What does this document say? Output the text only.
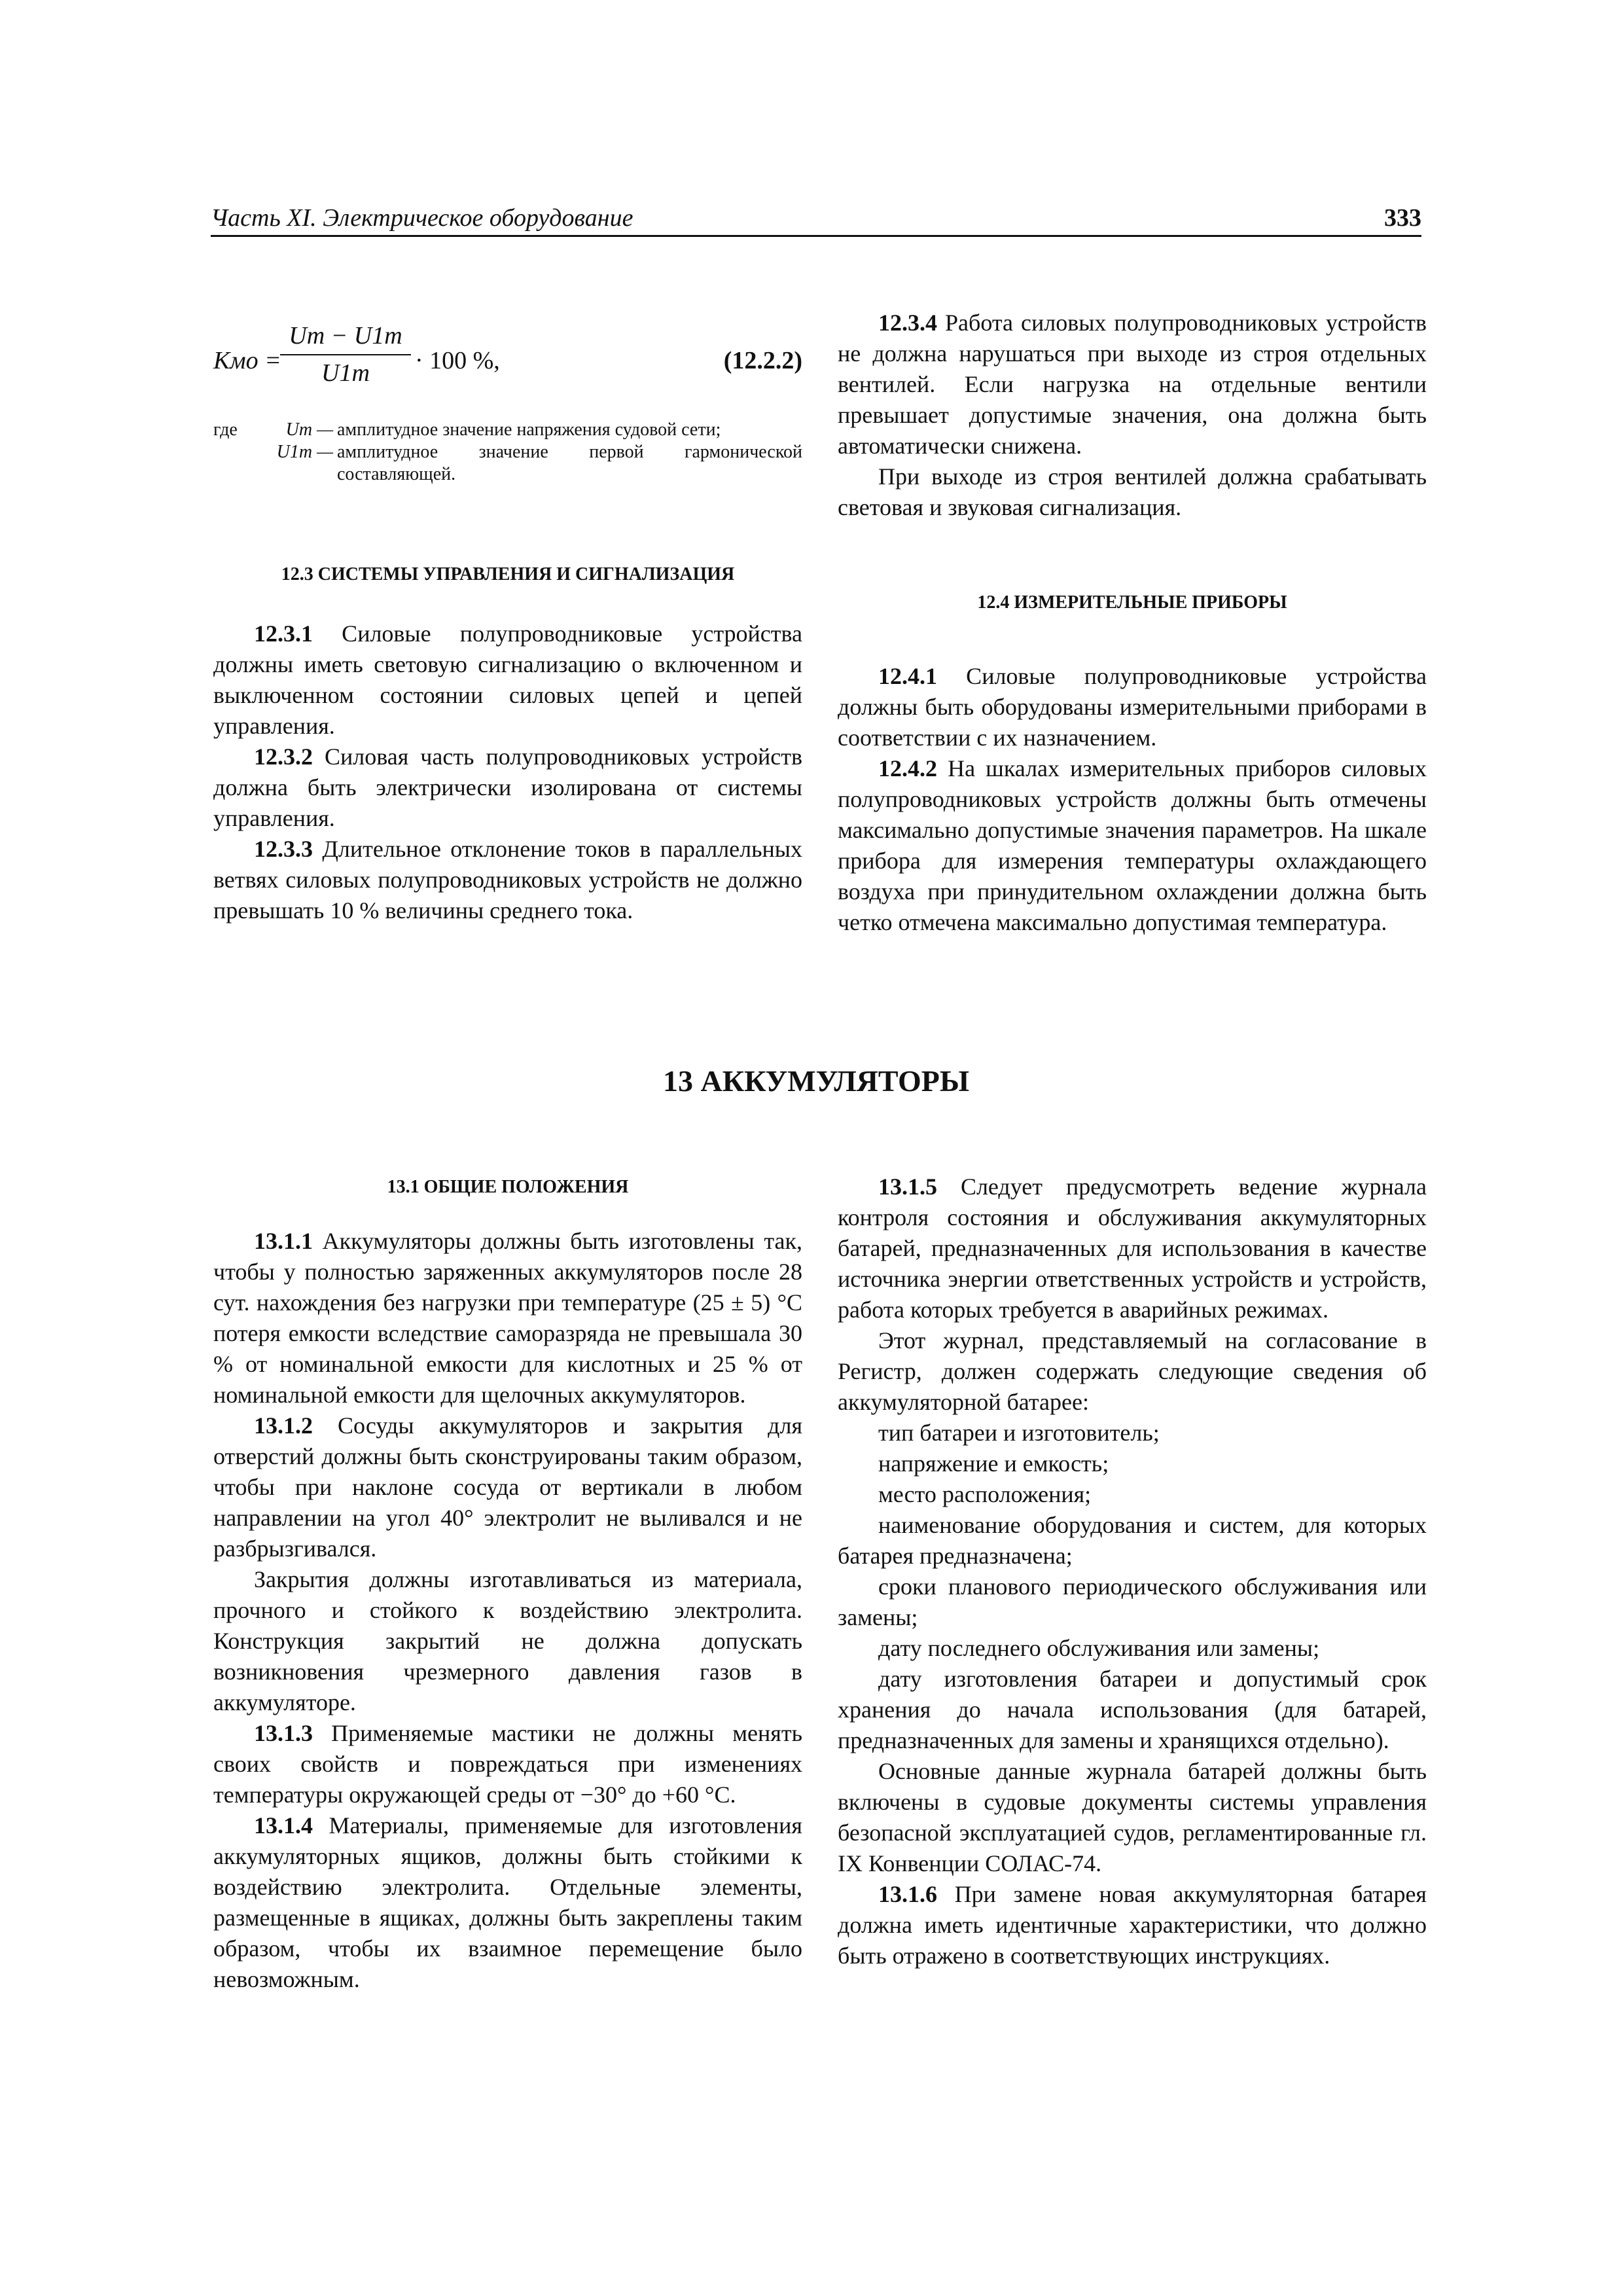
Часть XI. Электрическое оборудование	333
Kмо =
$\frac{Um - U1m}{U1m} \cdot 100$ %,	(12.2.2)
где	Um — амплитудное значение напряжения судовой сети;
U1m — амплитудное значение первой гармонической составляющей.

12.3 СИСТЕМЫ УПРАВЛЕНИЯ И СИГНАЛИЗАЦИЯ

12.3.1 Силовые полупроводниковые устройства должны иметь световую сигнализацию о включенном и выключенном состоянии силовых цепей и цепей управления.

12.3.2 Силовая часть полупроводниковых устройств должна быть электрически изолирована от системы управления.

12.3.3 Длительное отклонение токов в параллельных ветвях силовых полупроводниковых устройств не должно превышать 10 % величины среднего тока.

12.3.4 Работа силовых полупроводниковых устройств не должна нарушаться при выходе из строя отдельных вентилей. Если нагрузка на отдельные вентили превышает допустимые значения, она должна быть автоматически снижена.

При выходе из строя вентилей должна срабатывать световая и звуковая сигнализация.

12.4 ИЗМЕРИТЕЛЬНЫЕ ПРИБОРЫ

12.4.1 Силовые полупроводниковые устройства должны быть оборудованы измерительными приборами в соответствии с их назначением.

12.4.2 На шкалах измерительных приборов силовых полупроводниковых устройств должны быть отмечены максимально допустимые значения параметров. На шкале прибора для измерения температуры охлаждающего воздуха при принудительном охлаждении должна быть четко отмечена максимально допустимая температура.

13 АККУМУЛЯТОРЫ

13.1 ОБЩИЕ ПОЛОЖЕНИЯ

13.1.1 Аккумуляторы должны быть изготовлены так, чтобы у полностью заряженных аккумуляторов после 28 сут. нахождения без нагрузки при температуре (25 ± 5) °С потеря емкости вследствие саморазряда не превышала 30 % от номинальной емкости для кислотных и 25 % от номинальной емкости для щелочных аккумуляторов.

13.1.2 Сосуды аккумуляторов и закрытия для отверстий должны быть сконструированы таким образом, чтобы при наклоне сосуда от вертикали в любом направлении на угол 40° электролит не выливался и не разбрызгивался.

Закрытия должны изготавливаться из материала, прочного и стойкого к воздействию электролита. Конструкция закрытий не должна допускать возникновения чрезмерного давления газов в аккумуляторе.

13.1.3 Применяемые мастики не должны менять своих свойств и повреждаться при изменениях температуры окружающей среды от −30° до +60 °С.

13.1.4 Материалы, применяемые для изготовления аккумуляторных ящиков, должны быть стойкими к воздействию электролита. Отдельные элементы, размещенные в ящиках, должны быть закреплены таким образом, чтобы их взаимное перемещение было невозможным.

13.1.5 Следует предусмотреть ведение журнала контроля состояния и обслуживания аккумуляторных батарей, предназначенных для использования в качестве источника энергии ответственных устройств и устройств, работа которых требуется в аварийных режимах.

Этот журнал, представляемый на согласование в Регистр, должен содержать следующие сведения об аккумуляторной батарее:

тип батареи и изготовитель;

напряжение и емкость;

место расположения;

наименование оборудования и систем, для которых батарея предназначена;

сроки планового периодического обслуживания или замены;

дату последнего обслуживания или замены;

дату изготовления батареи и допустимый срок хранения до начала использования (для батарей, предназначенных для замены и хранящихся отдельно).

Основные данные журнала батарей должны быть включены в судовые документы системы управления безопасной эксплуатацией судов, регламентированные гл. IX Конвенции СОЛАС-74.

13.1.6 При замене новая аккумуляторная батарея должна иметь идентичные характеристики, что должно быть отражено в соответствующих инструкциях.
